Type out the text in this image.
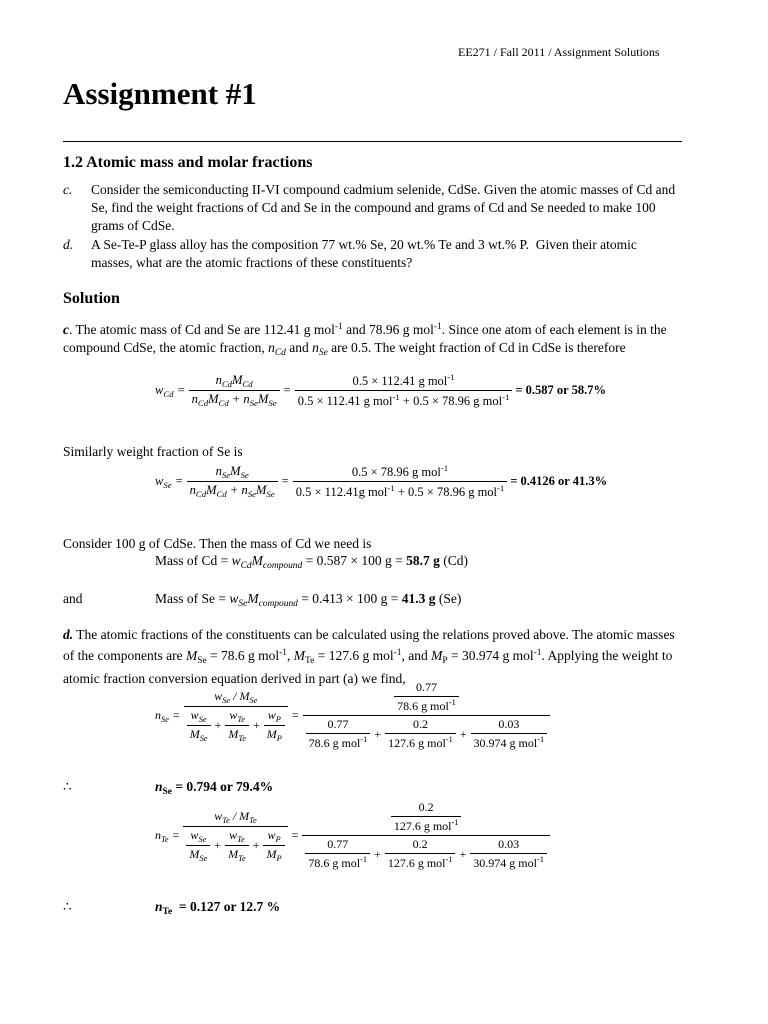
EE271 / Fall 2011 / Assignment Solutions
Assignment #1
1.2 Atomic mass and molar fractions
c. Consider the semiconducting II-VI compound cadmium selenide, CdSe. Given the atomic masses of Cd and Se, find the weight fractions of Cd and Se in the compound and grams of Cd and Se needed to make 100 grams of CdSe.
d. A Se-Te-P glass alloy has the composition 77 wt.% Se, 20 wt.% Te and 3 wt.% P.  Given their atomic     masses, what are the atomic fractions of these constituents?
Solution
c. The atomic mass of Cd and Se are 112.41 g mol$^{-1}$ and 78.96 g mol$^{-1}$. Since one atom of each element is in the compound CdSe, the atomic fraction, $n_{Cd}$ and $n_{Se}$ are 0.5. The weight fraction of Cd in CdSe is therefore
$w_{Cd} = \frac{n_{Cd}M_{Cd}}{n_{Cd}M_{Cd} + n_{Se}M_{Se}} = \frac{0.5 \times 112.41 g mol^{-1}}{0.5 \times 112.41 g mol^{-1} + 0.5 \times 78.96 g mol^{-1}} = 0.587$ or 58.7%
Similarly weight fraction of Se is
$w_{Se} = \frac{n_{Se}M_{Se}}{n_{Cd}M_{Cd} + n_{Se}M_{Se}} = \frac{0.5 \times 78.96 g mol^{-1}}{0.5 \times 112.41g mol^{-1} + 0.5 \times 78.96 g mol^{-1}} = 0.4126$ or 41.3%
Consider 100 g of CdSe. Then the mass of Cd we need is
Mass of $Cd = w_{Cd}M_{compound} = 0.587 \times 100$ g = 58.7 g (Cd)
and	Mass of $Se = w_{Se}M_{compound} = 0.413 \times 100$ g = 41.3 g (Se)
d. The atomic fractions of the constituents can be calculated using the relations proved above. The atomic masses of the components are $M_{Se} = 78.6$ g mol$^{-1}$, $M_{Te} = 127.6$ g mol$^{-1}$, and $M_P = 30.974$ g mol$^{-1}$. Applying the weight to atomic fraction conversion equation derived in part (a) we find,
$n_{Se} = \frac{w_{Se} / M_{Se}}{\frac{w_{Se}}{M_{Se}} + \frac{w_{Te}}{M_{Te}} + \frac{w_P}{M_P}}$ =
$\frac{0.77}{78.6 g mol^{-1}}$
$\frac{0.77}{78.6 g mol^{-1}} + \frac{0.2}{127.6 g mol^{-1}} + \frac{0.03}{30.974 g mol^{-1}}$
∴	$n_{Se} = 0.794$ or 79.4%
$n_{Te} = \frac{w_{Te} / M_{Te}}{\frac{w_{Se}}{M_{Se}} + \frac{w_{Te}}{M_{Te}} + \frac{w_P}{M_P}}$ =
$\frac{0.2}{127.6 g mol^{-1}}$
$\frac{0.77}{78.6 g mol^{-1}} + \frac{0.2}{127.6 g mol^{-1}} + \frac{0.03}{30.974 g mol^{-1}}$
∴	$n_{Te} = 0.127$ or 12.7 %
